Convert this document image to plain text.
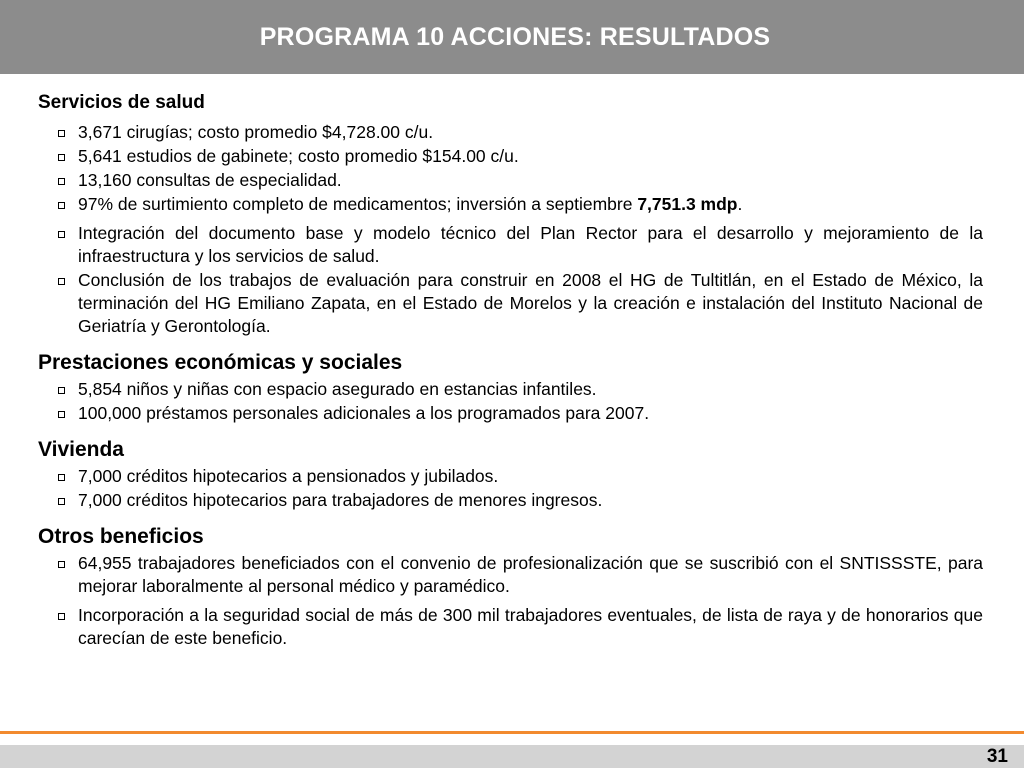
PROGRAMA 10 ACCIONES: RESULTADOS

Servicios de salud

3,671 cirugías; costo promedio $4,728.00 c/u.
5,641 estudios de gabinete; costo promedio $154.00 c/u.
13,160 consultas de especialidad.
97% de surtimiento completo de medicamentos; inversión a septiembre 7,751.3 mdp.
Integración del documento base y modelo técnico del Plan Rector para el desarrollo y mejoramiento de la infraestructura y los servicios de salud.
Conclusión de los trabajos de evaluación para construir en 2008 el HG de Tultitlán, en el Estado de México, la terminación del HG Emiliano Zapata, en el Estado de Morelos y la creación e instalación del Instituto Nacional de Geriatría y Gerontología.

Prestaciones económicas y sociales

5,854 niños y niñas con espacio asegurado en estancias infantiles.
100,000 préstamos personales adicionales a los programados para 2007.

Vivienda

7,000 créditos hipotecarios a pensionados y jubilados.
7,000 créditos hipotecarios para trabajadores de menores ingresos.

Otros beneficios

64,955 trabajadores beneficiados con el convenio de profesionalización que se suscribió con el SNTISSSTE, para mejorar laboralmente al personal médico y paramédico.
Incorporación a la seguridad social de más de 300 mil trabajadores eventuales, de lista de raya y de honorarios que carecían de este beneficio.
31
